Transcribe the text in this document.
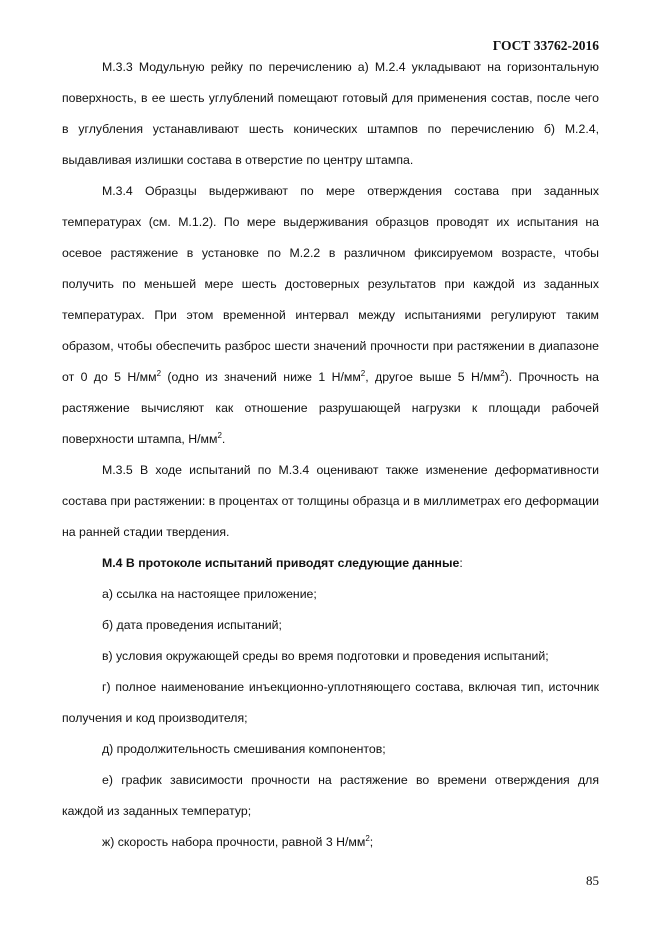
ГОСТ 33762-2016

М.3.3 Модульную рейку по перечислению а) М.2.4 укладывают на горизонтальную поверхность, в ее шесть углублений помещают готовый для применения состав, после чего в углубления устанавливают шесть конических штампов по перечислению б) М.2.4, выдавливая излишки состава в отверстие по центру штампа.

М.3.4 Образцы выдерживают по мере отверждения состава при заданных температурах (см. М.1.2). По мере выдерживания образцов проводят их испытания на осевое растяжение в установке по М.2.2 в различном фиксируемом возрасте, чтобы получить по меньшей мере шесть достоверных результатов при каждой из заданных температурах. При этом временной интервал между испытаниями регулируют таким образом, чтобы обеспечить разброс шести значений прочности при растяжении в диапазоне от 0 до 5 $Н/мм^2$ (одно из значений ниже 1 $Н/мм^2$, другое выше 5 $Н/мм^2$). Прочность на растяжение вычисляют как отношение разрушающей нагрузки к площади рабочей поверхности штампа, $Н/мм^2$.

М.3.5 В ходе испытаний по М.3.4 оценивают также изменение деформативности состава при растяжении: в процентах от толщины образца и в миллиметрах его деформации на ранней стадии твердения.

М.4 В протоколе испытаний приводят следующие данные:

а) ссылка на настоящее приложение;

б) дата проведения испытаний;

в) условия окружающей среды во время подготовки и проведения испытаний;

г) полное наименование инъекционно-уплотняющего состава, включая тип, источник получения и код производителя;

д) продолжительность смешивания компонентов;

е) график зависимости прочности на растяжение во времени отверждения для каждой из заданных температур;

ж) скорость набора прочности, равной 3 $Н/мм^2$;

85
